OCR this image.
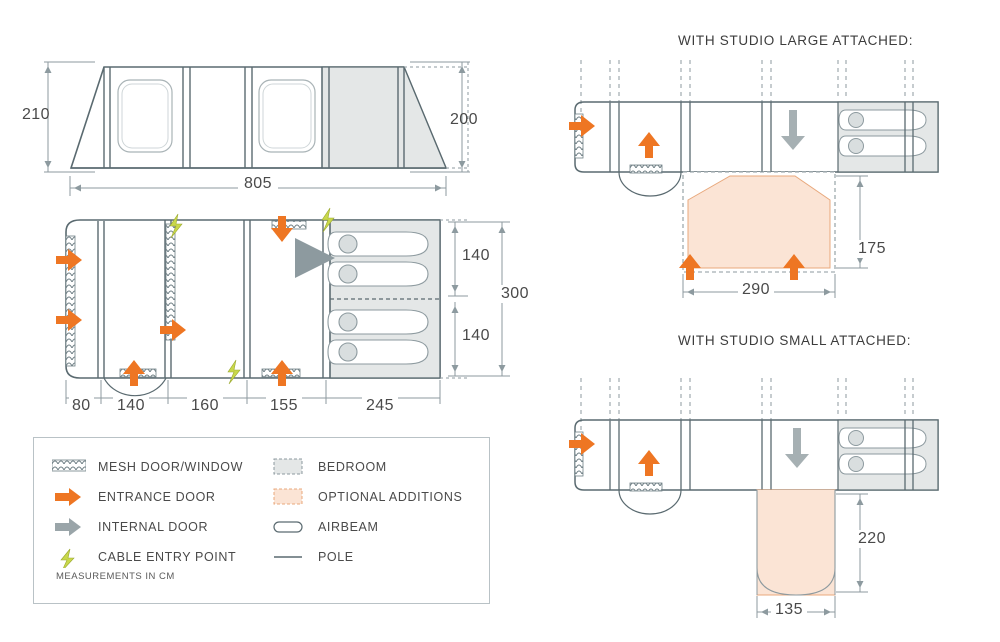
210	200
805
140
140
300
80 140	160	155	245
WITH STUDIO LARGE ATTACHED:
175
290
WITH STUDIO SMALL ATTACHED:
220
135
MESH DOOR/WINDOW
ENTRANCE DOOR
INTERNAL DOOR
CABLE ENTRY POINT
BEDROOM
OPTIONAL ADDITIONS
AIRBEAM
POLE
MEASUREMENTS IN CM
